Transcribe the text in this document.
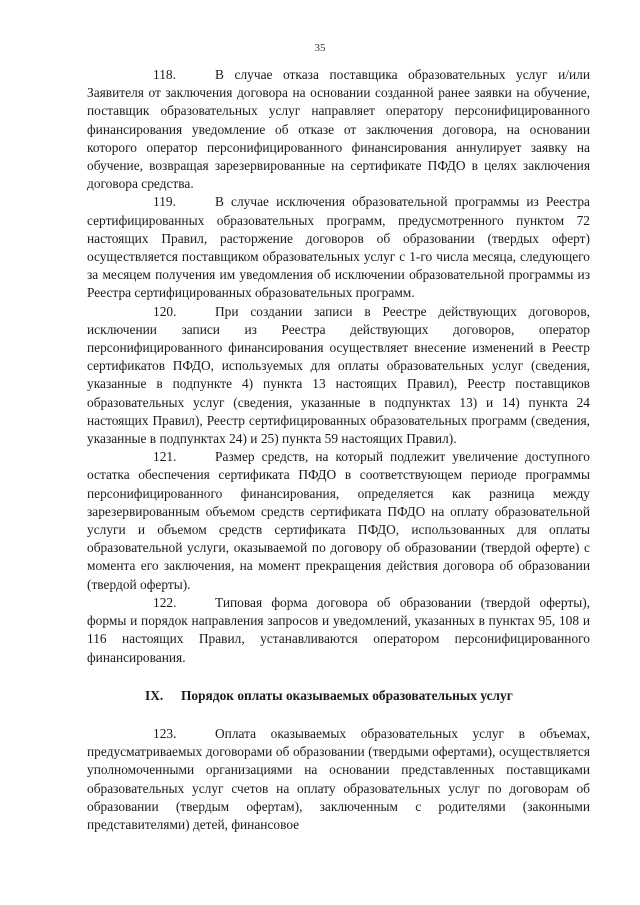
35

118.	В случае отказа поставщика образовательных услуг и/или Заявителя от заключения договора на основании созданной ранее заявки на обучение, поставщик образовательных услуг направляет оператору персонифицированного финансирования уведомление об отказе от заключения договора, на основании которого оператор персонифицированного финансирования аннулирует заявку на обучение, возвращая зарезервированные на сертификате ПФДО в целях заключения договора средства.

119.	В случае исключения образовательной программы из Реестра сертифицированных образовательных программ, предусмотренного пунктом 72 настоящих Правил, расторжение договоров об образовании (твердых оферт) осуществляется поставщиком образовательных услуг с 1-го числа месяца, следующего за месяцем получения им уведомления об исключении образовательной программы из Реестра сертифицированных образовательных программ.

120.	При создании записи в Реестре действующих договоров, исключении записи из Реестра действующих договоров, оператор персонифицированного финансирования осуществляет внесение изменений в Реестр сертификатов ПФДО, используемых для оплаты образовательных услуг (сведения, указанные в подпункте 4) пункта 13 настоящих Правил), Реестр поставщиков образовательных услуг (сведения, указанные в подпунктах 13) и 14) пункта 24 настоящих Правил), Реестр сертифицированных образовательных программ (сведения, указанные в подпунктах 24) и 25) пункта 59 настоящих Правил).

121.	Размер средств, на который подлежит увеличение доступного остатка обеспечения сертификата ПФДО в соответствующем периоде программы персонифицированного финансирования, определяется как разница между зарезервированным объемом средств сертификата ПФДО на оплату образовательной услуги и объемом средств сертификата ПФДО, использованных для оплаты образовательной услуги, оказываемой по договору об образовании (твердой оферте) с момента его заключения, на момент прекращения действия договора об образовании (твердой оферты).

122.	Типовая форма договора об образовании (твердой оферты), формы и порядок направления запросов и уведомлений, указанных в пунктах 95, 108 и 116 настоящих Правил, устанавливаются оператором персонифицированного финансирования.

IX. Порядок оплаты оказываемых образовательных услуг

123.	Оплата оказываемых образовательных услуг в объемах, предусматриваемых договорами об образовании (твердыми офертами), осуществляется уполномоченными организациями на основании представленных поставщиками образовательных услуг счетов на оплату образовательных услуг по договорам об образовании (твердым офертам), заключенным с родителями (законными представителями) детей, финансовое
